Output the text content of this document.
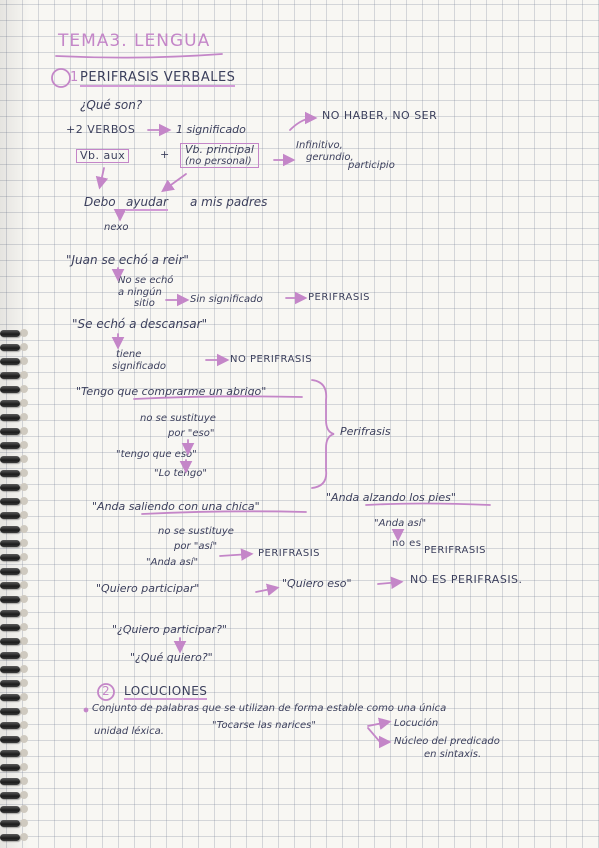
TEMA3. LENGUA
1 PERIFRASIS VERBALES
¿Qué son?
+2 VERBOS	1 significado
NO HABER, NO SER
Vb. aux	+ Vb. principal
(no personal)
Infinitivo,
gerundio,
participio
Debo ayudar a mis padres
nexo
"Juan se echó a reir"
No se echó
a ningún
sitio	Sin significado	PERIFRASIS
"Se echó a descansar"
tiene
significado
NO PERIFRASIS
"Tengo que comprarme un abrigo"
no se sustituye
por "eso"
"tengo que eso"
"Lo tengo"
Perifrasis
"Anda saliendo con una chica"
"Anda alzando los pies"
"Anda así"
no es
PERIFRASIS
no se sustituye
por "así"
"Anda así"
PERIFRASIS
"Quiero participar"	"Quiero eso"	NO ES PERIFRASIS.
"¿Quiero participar?"
"¿Qué quiero?"
2 LOCUCIONES
Conjunto de palabras que se utilizan de forma estable como una única
unidad léxica.
"Tocarse las narices"	Locución
Núcleo del predicado
en sintaxis.
